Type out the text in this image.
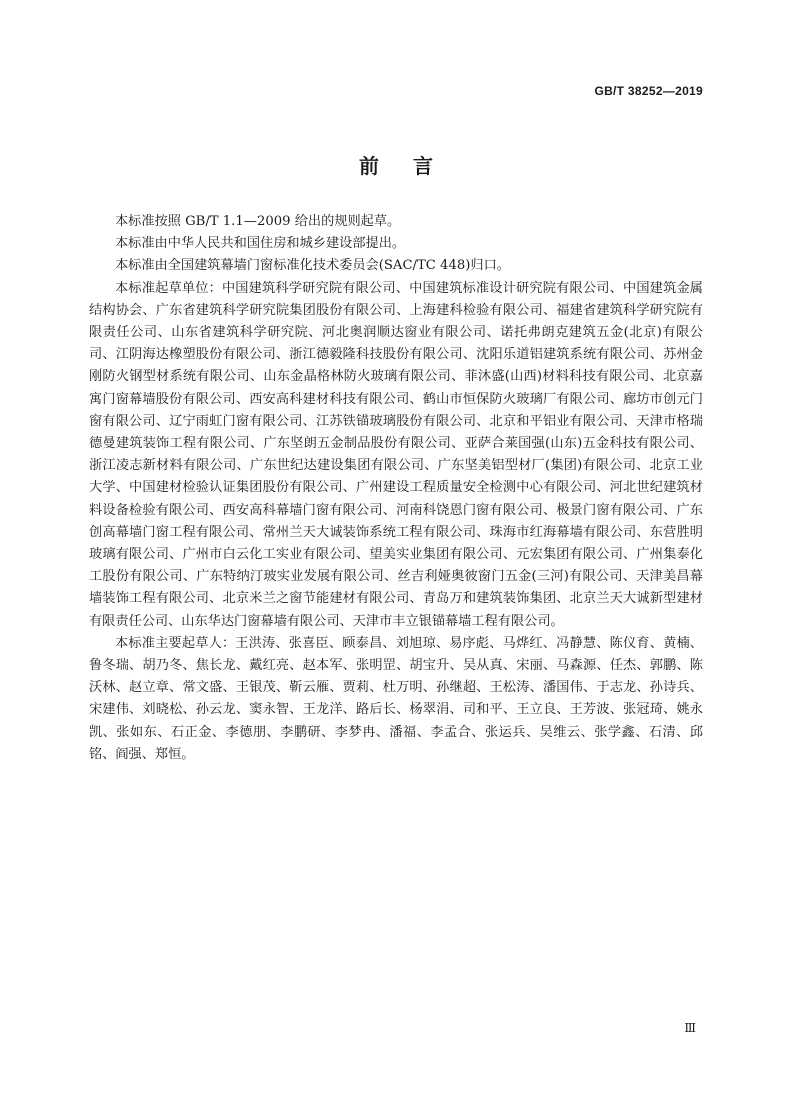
GB/T 38252—2019
前言

本标准按照 GB/T 1.1—2009 给出的规则起草。

本标准由中华人民共和国住房和城乡建设部提出。

本标准由全国建筑幕墙门窗标准化技术委员会(SAC/TC 448)归口。

本标准起草单位：中国建筑科学研究院有限公司、中国建筑标准设计研究院有限公司、中国建筑金属结构协会、广东省建筑科学研究院集团股份有限公司、上海建科检验有限公司、福建省建筑科学研究院有限责任公司、山东省建筑科学研究院、河北奥润顺达窗业有限公司、诺托弗朗克建筑五金(北京)有限公司、江阴海达橡塑股份有限公司、浙江德毅隆科技股份有限公司、沈阳乐道铝建筑系统有限公司、苏州金刚防火钢型材系统有限公司、山东金晶格林防火玻璃有限公司、菲沐盛(山西)材料科技有限公司、北京嘉寓门窗幕墙股份有限公司、西安高科建材科技有限公司、鹤山市恒保防火玻璃厂有限公司、廊坊市创元门窗有限公司、辽宁雨虹门窗有限公司、江苏铁锚玻璃股份有限公司、北京和平铝业有限公司、天津市格瑞德曼建筑装饰工程有限公司、广东坚朗五金制品股份有限公司、亚萨合莱国强(山东)五金科技有限公司、浙江凌志新材料有限公司、广东世纪达建设集团有限公司、广东坚美铝型材厂(集团)有限公司、北京工业大学、中国建材检验认证集团股份有限公司、广州建设工程质量安全检测中心有限公司、河北世纪建筑材料设备检验有限公司、西安高科幕墙门窗有限公司、河南科饶恩门窗有限公司、极景门窗有限公司、广东创高幕墙门窗工程有限公司、常州兰天大诚装饰系统工程有限公司、珠海市红海幕墙有限公司、东营胜明玻璃有限公司、广州市白云化工实业有限公司、望美实业集团有限公司、元宏集团有限公司、广州集泰化工股份有限公司、广东特纳汀玻实业发展有限公司、丝吉利娅奥彼窗门五金(三河)有限公司、天津美昌幕墙装饰工程有限公司、北京米兰之窗节能建材有限公司、青岛万和建筑装饰集团、北京兰天大诚新型建材有限责任公司、山东华达门窗幕墙有限公司、天津市丰立银锚幕墙工程有限公司。

本标准主要起草人：王洪涛、张喜臣、顾泰昌、刘旭琼、易序彪、马烨红、冯静慧、陈仪育、黄楠、鲁冬瑞、胡乃冬、焦长龙、戴红亮、赵本军、张明罡、胡宝升、吴从真、宋丽、马森源、任杰、郭鹏、陈沃林、赵立章、常文盛、王银茂、靳云雁、贾莉、杜万明、孙继超、王松涛、潘国伟、于志龙、孙诗兵、宋建伟、刘晓松、孙云龙、窦永智、王龙洋、路后长、杨翠涓、司和平、王立良、王芳波、张冠琦、姚永凯、张如东、石正金、李德朋、李鹏研、李梦冉、潘福、李孟合、张运兵、吴维云、张学鑫、石清、邱铭、阎强、郑恒。

Ⅲ
